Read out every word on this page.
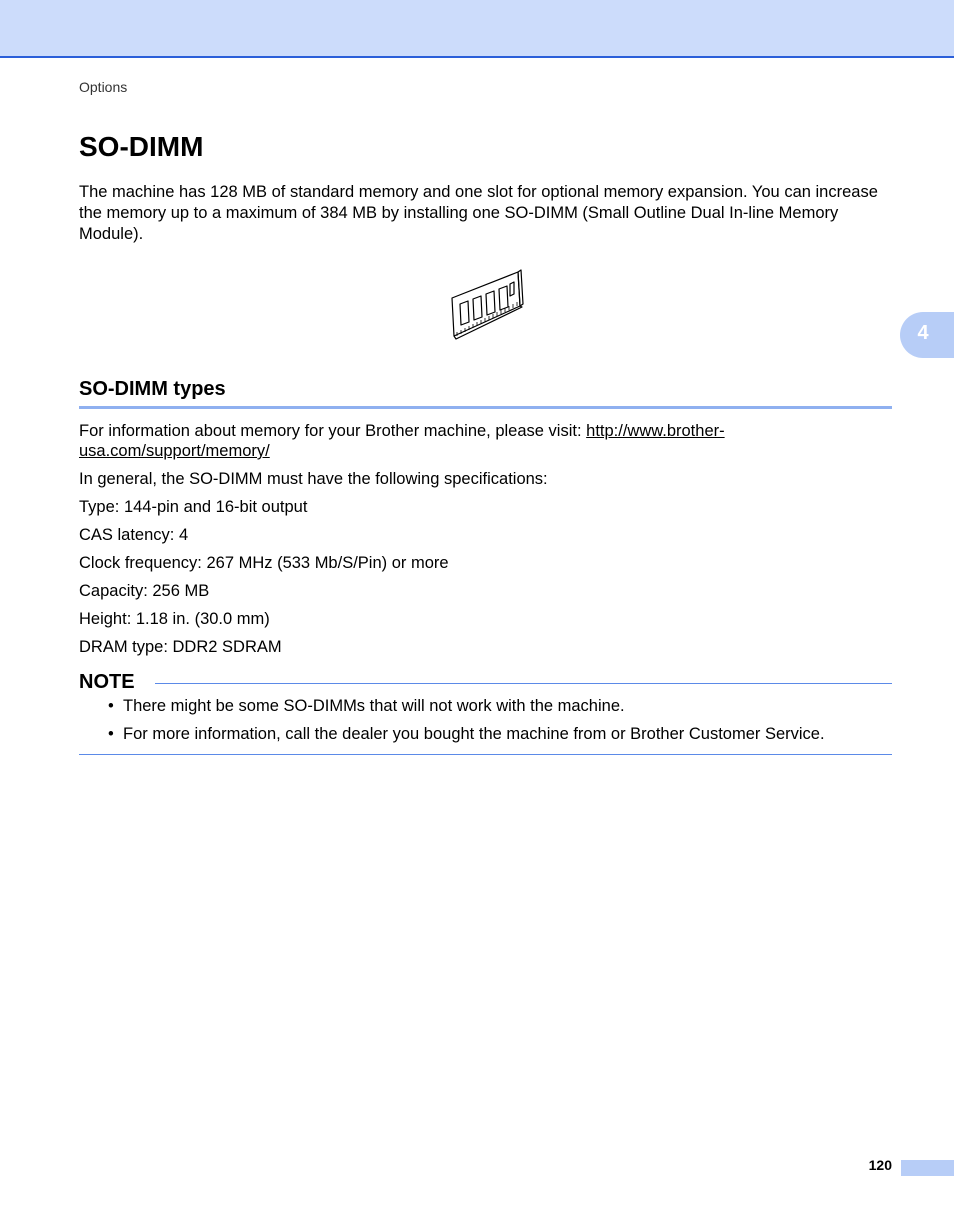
Options
SO-DIMM

The machine has 128 MB of standard memory and one slot for optional memory expansion. You can increase the memory up to a maximum of 384 MB by installing one SO-DIMM (Small Outline Dual In-line Memory Module).

SO-DIMM types

For information about memory for your Brother machine, please visit: http://www.brother-usa.com/support/memory/

In general, the SO-DIMM must have the following specifications:

Type: 144-pin and 16-bit output

CAS latency: 4

Clock frequency: 267 MHz (533 Mb/S/Pin) or more

Capacity: 256 MB

Height: 1.18 in. (30.0 mm)

DRAM type: DDR2 SDRAM

NOTE
• There might be some SO-DIMMs that will not work with the machine.
• For more information, call the dealer you bought the machine from or Brother Customer Service.
4
120
